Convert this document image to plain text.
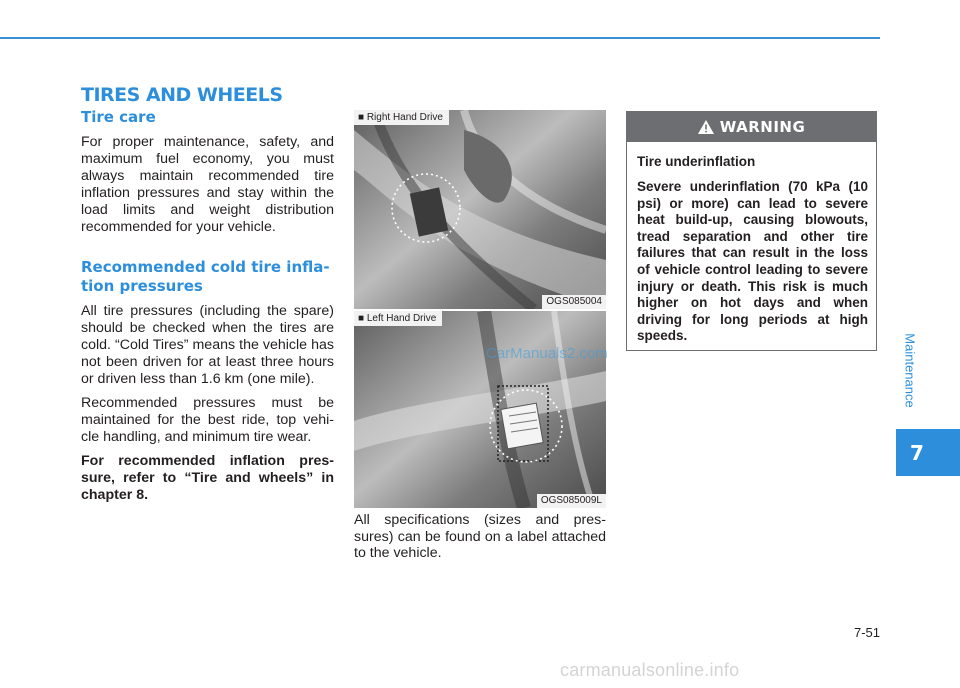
TIRES AND WHEELS
Tire care

For proper maintenance, safety, and maximum fuel economy, you must always maintain recommended tire inflation pressures and stay within the load limits and weight distribution recommended for your vehicle.

Recommended cold tire infla-
tion pressures

All tire pressures (including the spare) should be checked when the tires are cold. “Cold Tires” means the vehicle has not been driven for at least three hours or driven less than 1.6 km (one mile).

Recommended pressures must be maintained for the best ride, top vehi- cle handling, and minimum tire wear.

For recommended inflation pres- sure, refer to “Tire and wheels” in chapter 8.

■ Right Hand Drive
OGS085004
■ Left Hand Drive
OGS085009L

All specifications (sizes and pres- sures) can be found on a label attached to the vehicle.

WARNING

Tire underinflation

Severe underinflation (70 kPa (10 psi) or more) can lead to severe heat build-up, causing blowouts, tread separation and other tire failures that can result in the loss of vehicle control leading to severe injury or death. This risk is much higher on hot days and when driving for long periods at high speeds.	Maintenance
7
7-51
CarManuals2.com
carmanualsonline.info
